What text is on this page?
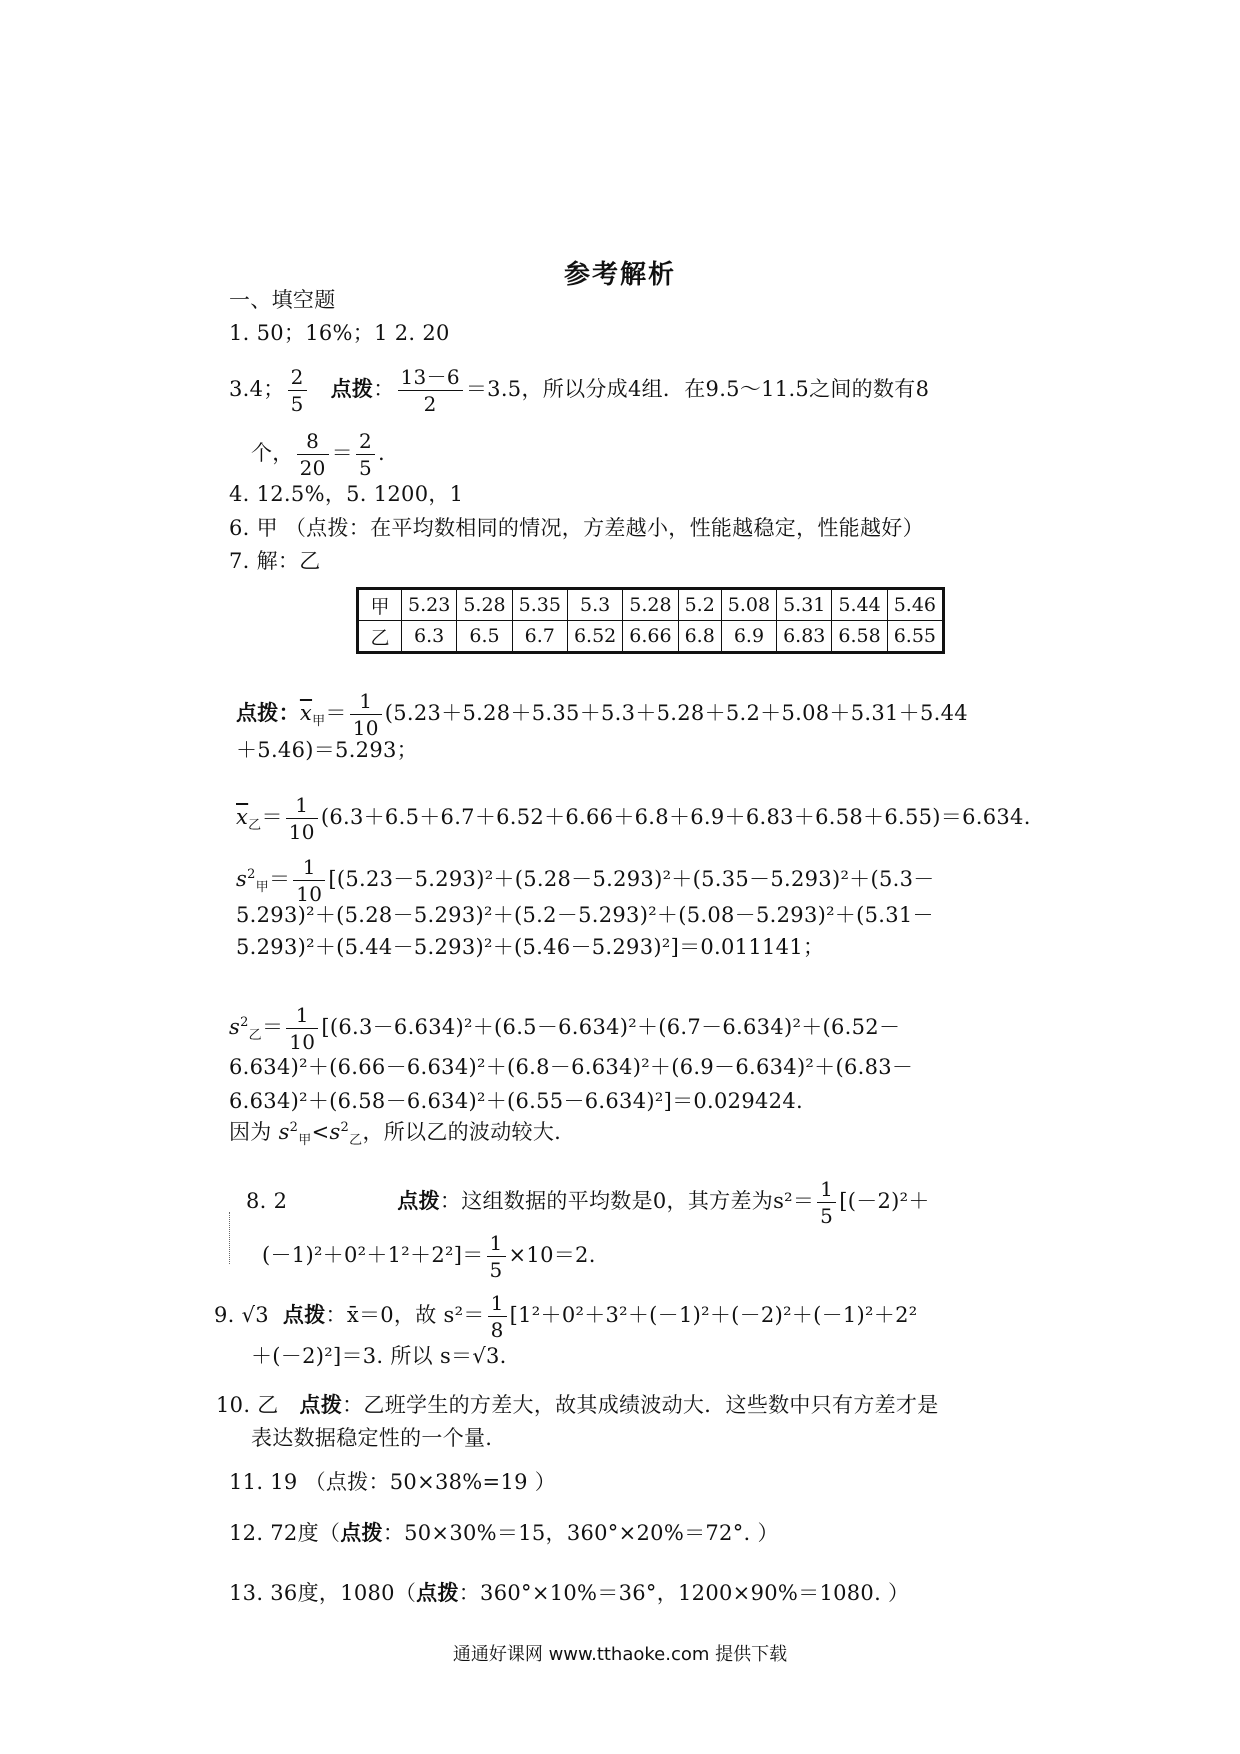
参考解析
一、填空题
1. 50；16%；1 2. 20
3.4； $\frac{2}{5}$ 点拨： $\frac{13-6}{2} =3.5$，所以分成4组．在9.5～11.5之间的数有8
个， $\frac{8}{20} = \frac{2}{5}$ .
4. 12.5%，5. 1200，1
6. 甲 （点拨：在平均数相同的情况，方差越小，性能越稳定，性能越好）
7. 解：乙
甲	5.23	5.28	5.35	5.3	5.28	5.2	5.08	5.31	5.44	5.46
乙	6.3	6.5	6.7	6.52	6.66	6.8	6.9	6.83	6.58	6.55
点拨：$\overline{x}_甲= \frac{1}{10} (5.23+5.28+5.35+5.3+5.28+5.2+5.08+5.31+5.44$
＋5.46)＝5.293；
$\overline{x}_乙= \frac{1}{10} (6.3+6.5+6.7+6.52+6.66+6.8+6.9+6.83+6.58+6.55)=6.634$.
$s^2_甲= \frac{1}{10} [(5.23-5.293)^2+(5.28-5.293)^2+(5.35-5.293)^2+(5.3-$
5.293)²＋(5.28－5.293)²＋(5.2－5.293)²＋(5.08－5.293)²＋(5.31－
5.293)²＋(5.44－5.293)²＋(5.46－5.293)²]＝0.011141；
$s^2_乙= \frac{1}{10} [(6.3-6.634)^2+(6.5-6.634)^2+(6.7-6.634)^2+(6.52-$
6.634)²＋(6.66－6.634)²＋(6.8－6.634)²＋(6.9－6.634)²＋(6.83－
6.634)²＋(6.58－6.634)²＋(6.55－6.634)²]＝0.029424.
因为 $s^2_甲<s^2_乙$，所以乙的波动较大.
8. 2	点拨：这组数据的平均数是0，其方差为$s^2= \frac{1}{5} [(-2)^2+$
$(-1)^2+0^2+1^2+2^2]= \frac{1}{5} \times 10=2$.
9. √3 点拨：x̄＝0，故 $s^2= \frac{1}{8} [1^2+0^2+3^2+(-1)^2+(-2)^2+(-1)^2+2^2$
＋(－2)²]＝3. 所以 s＝√3.
10. 乙 点拨：乙班学生的方差大，故其成绩波动大．这些数中只有方差才是
表达数据稳定性的一个量.
11. 19 （点拨：50×38%=19 ）
12. 72度（点拨：50×30%＝15，360°×20%＝72°. ）
13. 36度，1080（点拨：360°×10%＝36°，1200×90%＝1080. ）
通通好课网 www.tthaoke.com 提供下载
